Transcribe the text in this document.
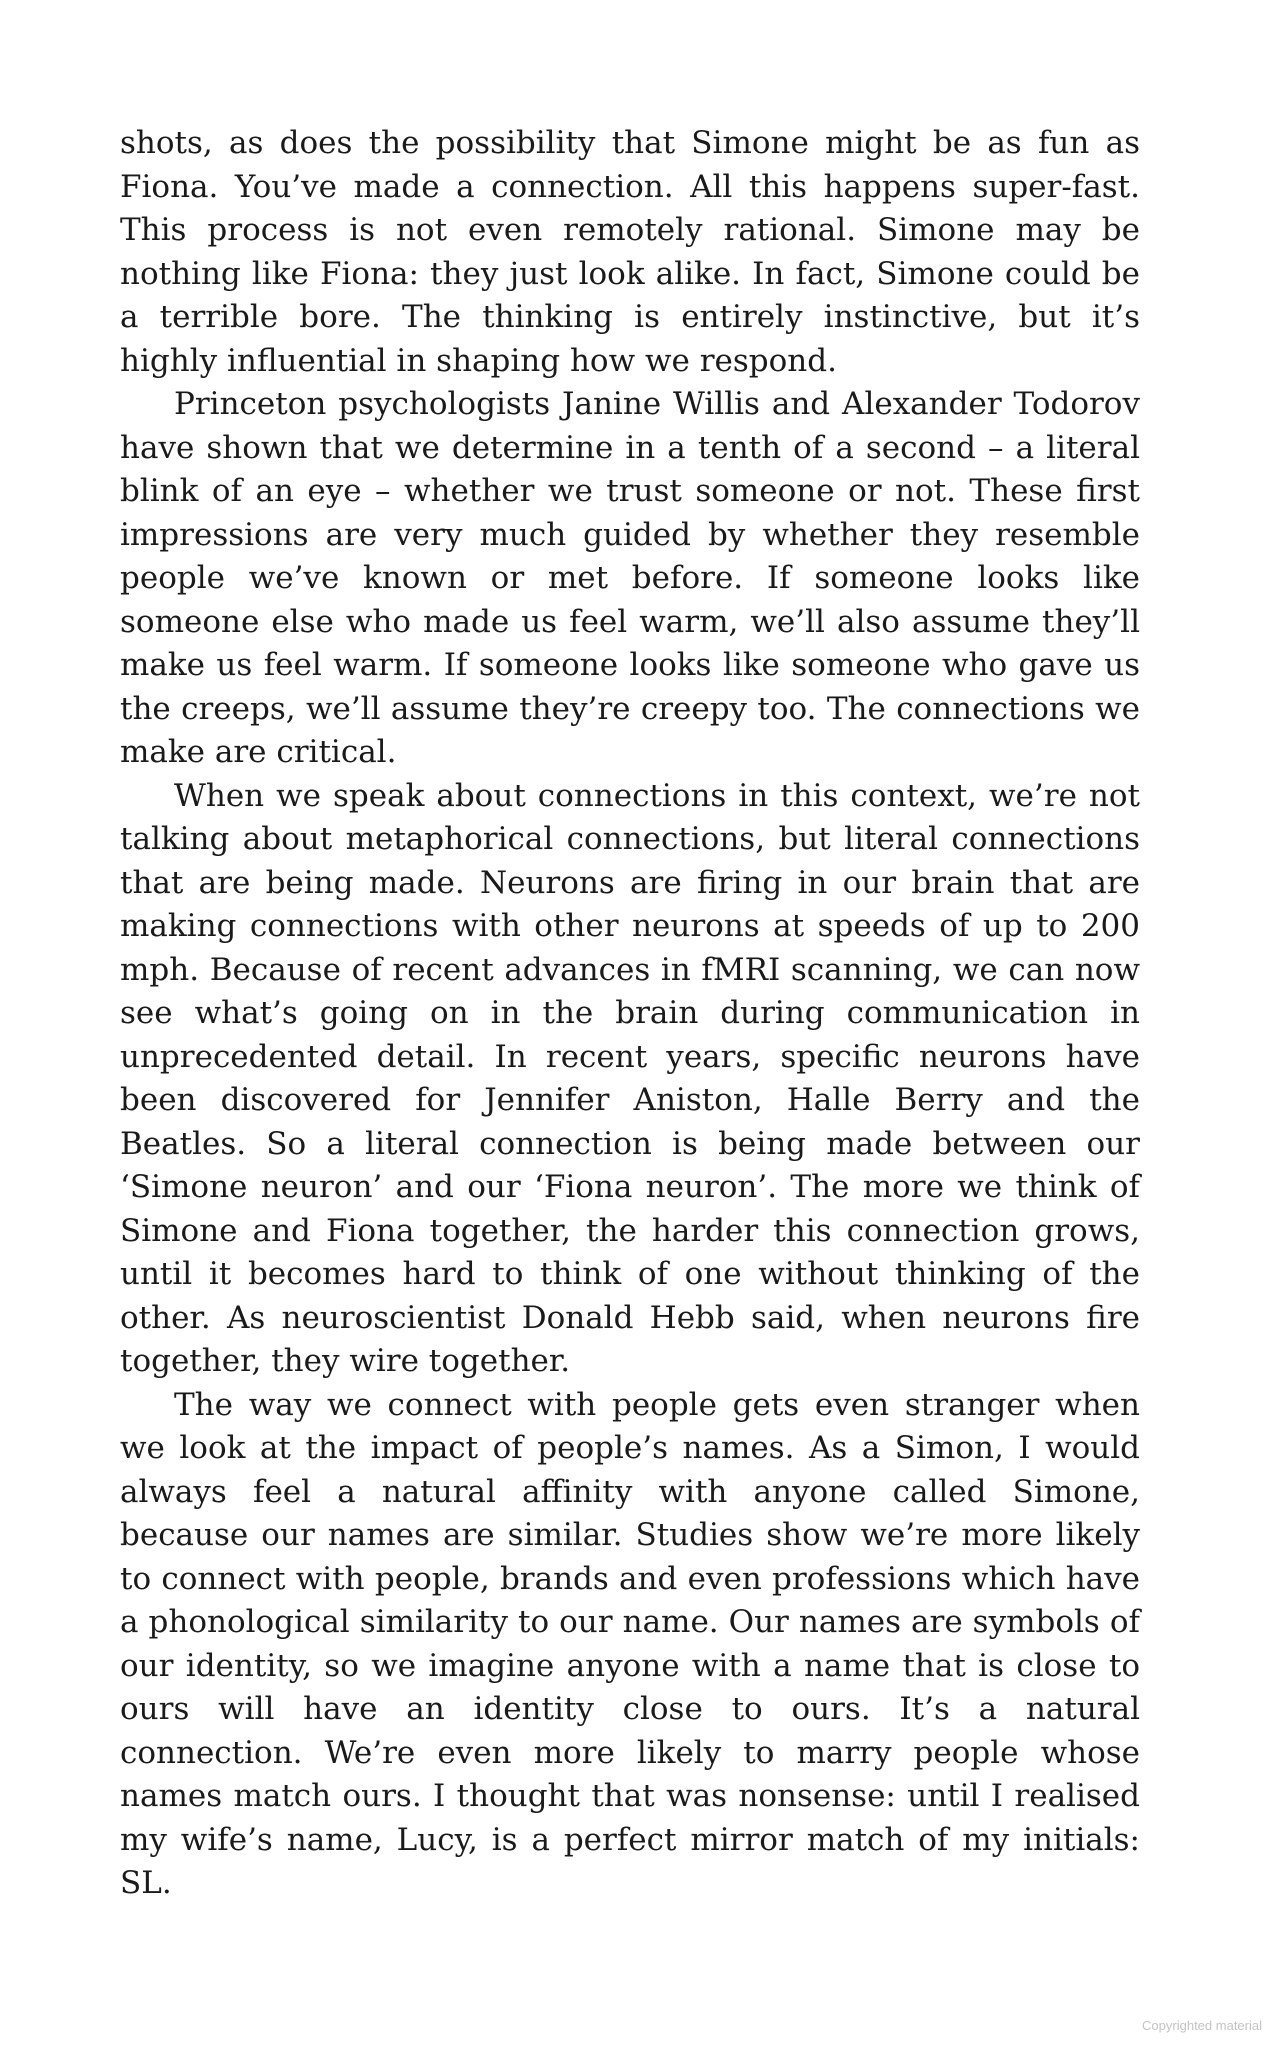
shots, as does the possibility that Simone might be as fun as Fiona. You’ve made a connection. All this happens super-fast. This process is not even remotely rational. Simone may be nothing like Fiona: they just look alike. In fact, Simone could be a terrible bore. The thinking is entirely instinctive, but it’s highly influential in shaping how we respond.

Princeton psychologists Janine Willis and Alexander Todorov have shown that we determine in a tenth of a second – a literal blink of an eye – whether we trust someone or not. These first impressions are very much guided by whether they resemble people we’ve known or met before. If someone looks like someone else who made us feel warm, we’ll also assume they’ll make us feel warm. If someone looks like someone who gave us the creeps, we’ll assume they’re creepy too. The connections we make are critical.

When we speak about connections in this context, we’re not talking about metaphorical connections, but literal connections that are being made. Neurons are firing in our brain that are making connections with other neurons at speeds of up to 200 mph. Because of recent advances in fMRI scanning, we can now see what’s going on in the brain during communication in unprecedented detail. In recent years, specific neurons have been discovered for Jennifer Aniston, Halle Berry and the Beatles. So a literal connection is being made between our ‘Simone neuron’ and our ‘Fiona neuron’. The more we think of Simone and Fiona together, the harder this connection grows, until it becomes hard to think of one without thinking of the other. As neuroscientist Donald Hebb said, when neurons fire together, they wire together.

The way we connect with people gets even stranger when we look at the impact of people’s names. As a Simon, I would always feel a natural affinity with anyone called Simone, because our names are similar. Studies show we’re more likely to connect with people, brands and even professions which have a phonological similarity to our name. Our names are symbols of our identity, so we imagine anyone with a name that is close to ours will have an identity close to ours. It’s a natural connection. We’re even more likely to marry people whose names match ours. I thought that was nonsense: until I realised my wife’s name, Lucy, is a perfect mirror match of my initials: SL.

Copyrighted material
